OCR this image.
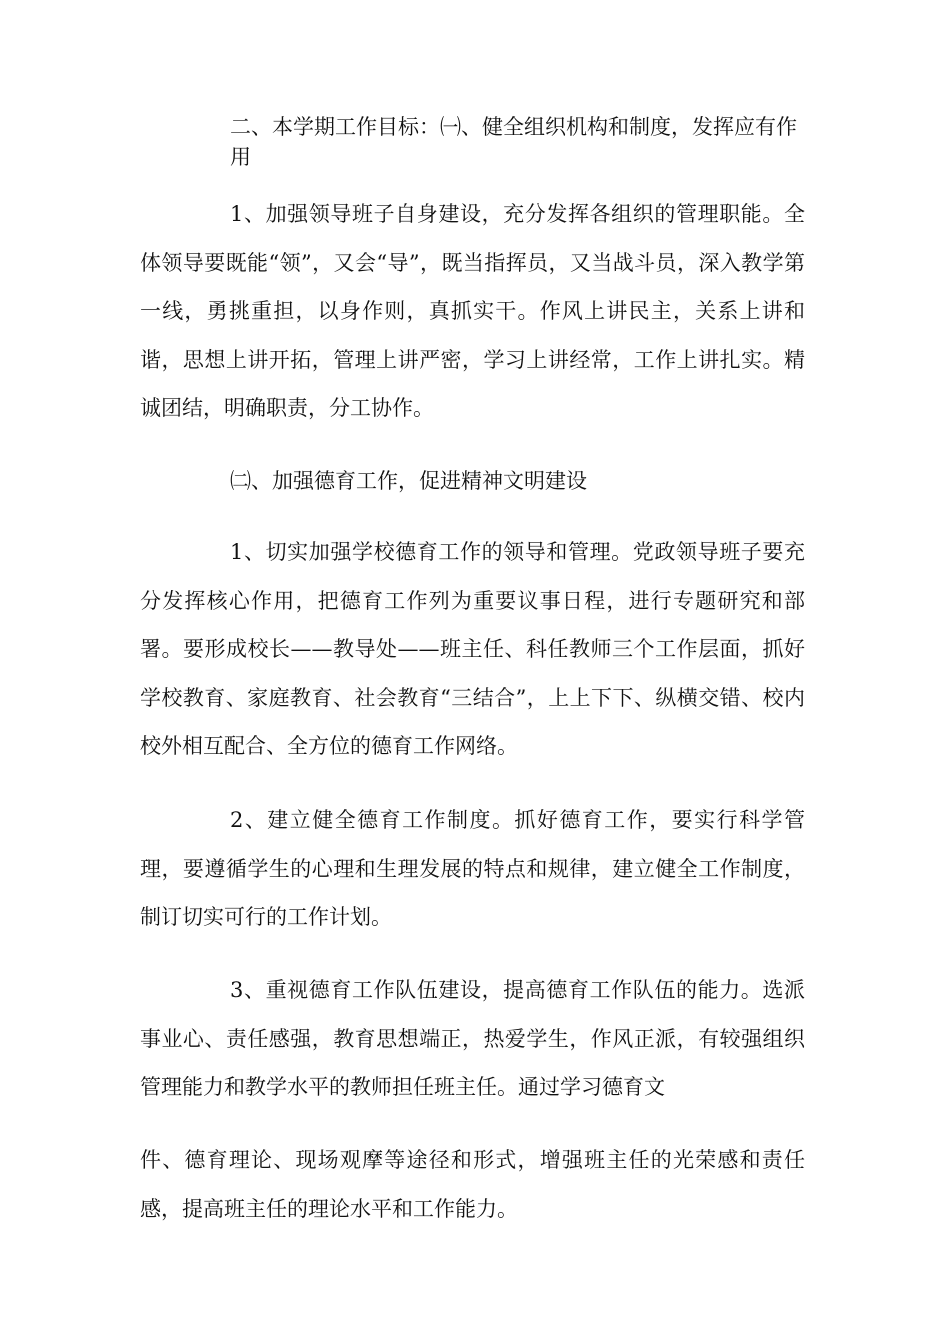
二、本学期工作目标：㈠、健全组织机构和制度，发挥应有作用

1、加强领导班子自身建设，充分发挥各组织的管理职能。全体领导要既能“领”，又会“导”，既当指挥员，又当战斗员，深入教学第一线，勇挑重担，以身作则，真抓实干。作风上讲民主，关系上讲和谐，思想上讲开拓，管理上讲严密，学习上讲经常，工作上讲扎实。精诚团结，明确职责，分工协作。

㈡、加强德育工作，促进精神文明建设

1、切实加强学校德育工作的领导和管理。党政领导班子要充分发挥核心作用，把德育工作列为重要议事日程，进行专题研究和部署。要形成校长——教导处——班主任、科任教师三个工作层面，抓好学校教育、家庭教育、社会教育“三结合”，上上下下、纵横交错、校内校外相互配合、全方位的德育工作网络。

2、建立健全德育工作制度。抓好德育工作，要实行科学管理，要遵循学生的心理和生理发展的特点和规律，建立健全工作制度，制订切实可行的工作计划。

3、重视德育工作队伍建设，提高德育工作队伍的能力。选派事业心、责任感强，教育思想端正，热爱学生，作风正派，有较强组织管理能力和教学水平的教师担任班主任。通过学习德育文

件、德育理论、现场观摩等途径和形式，增强班主任的光荣感和责任感，提高班主任的理论水平和工作能力。
